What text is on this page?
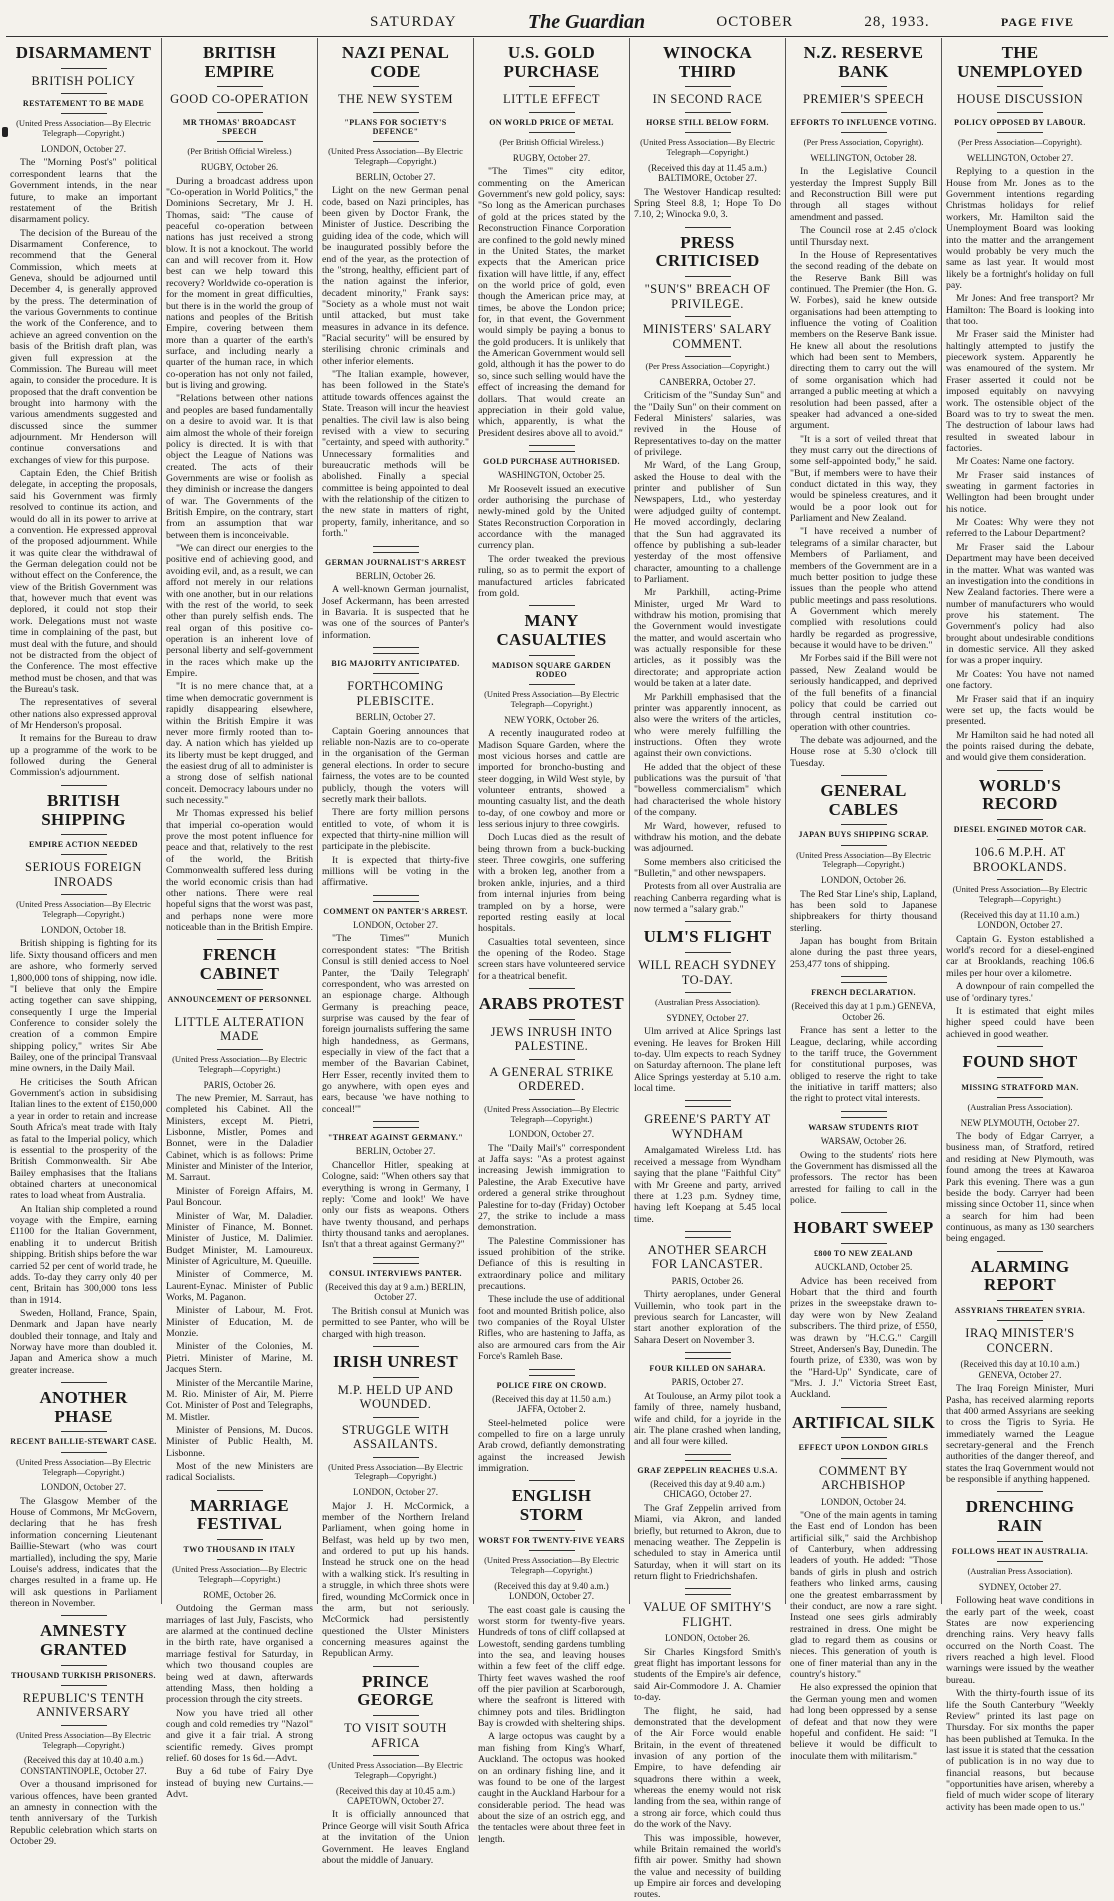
SATURDAY	The Guardian	OCTOBER	28, 1933.	PAGE FIVE
DISARMAMENT
BRITISH POLICY
RESTATEMENT TO BE MADE
(United Press Association—By Electric Telegraph—Copyright.)
LONDON, October 27.

The "Morning Post's" political correspondent learns that the Government intends, in the near future, to make an important restatement of the British disarmament policy.

The decision of the Bureau of the Disarmament Conference, to recommend that the General Commission, which meets at Geneva, should be adjourned until December 4, is generally approved by the press. The determination of the various Governments to continue the work of the Conference, and to achieve an agreed convention on the basis of the British draft plan, was given full expression at the Commission. The Bureau will meet again, to consider the procedure. It is proposed that the draft convention be brought into harmony with the various amendments suggested and discussed since the summer adjournment. Mr Henderson will continue conversations and exchanges of view for this purpose.

Captain Eden, the Chief British delegate, in accepting the proposals, said his Government was firmly resolved to continue its action, and would do all in its power to arrive at a convention. He expressed approval of the proposed adjournment. While it was quite clear the withdrawal of the German delegation could not be without effect on the Conference, the view of the British Government was that, however much that event was deplored, it could not stop their work. Delegations must not waste time in complaining of the past, but must deal with the future, and should not be distracted from the object of the Conference. The most effective method must be chosen, and that was the Bureau's task.

The representatives of several other nations also expressed approval of Mr Henderson's proposal.

It remains for the Bureau to draw up a programme of the work to be followed during the General Commission's adjournment.

BRITISH SHIPPING
EMPIRE ACTION NEEDED
SERIOUS FOREIGN INROADS
(United Press Association—By Electric Telegraph—Copyright.)
LONDON, October 18.

British shipping is fighting for its life. Sixty thousand officers and men are ashore, who formerly served 1,800,000 tons of shipping, now idle. "I believe that only the Empire acting together can save shipping, consequently I urge the Imperial Conference to consider solely the creation of a common Empire shipping policy," writes Sir Abe Bailey, one of the principal Transvaal mine owners, in the Daily Mail.

He criticises the South African Government's action in subsidising Italian lines to the extent of £150,000 a year in order to retain and increase South Africa's meat trade with Italy as fatal to the Imperial policy, which is essential to the prosperity of the British Commonwealth. Sir Abe Bailey emphasises that the Italians obtained charters at uneconomical rates to load wheat from Australia.

An Italian ship completed a round voyage with the Empire, earning £1100 for the Italian Government, enabling it to undercut British shipping. British ships before the war carried 52 per cent of world trade, he adds. To-day they carry only 40 per cent, Britain has 300,000 tons less than in 1914.

Sweden, Holland, France, Spain, Denmark and Japan have nearly doubled their tonnage, and Italy and Norway have more than doubled it. Japan and America show a much greater increase.

ANOTHER PHASE
RECENT BAILLIE-STEWART CASE.
(United Press Association—By Electric Telegraph—Copyright.)
LONDON, October 27.

The Glasgow Member of the House of Commons, Mr McGovern, declaring that he has fresh information concerning Lieutenant Baillie-Stewart (who was court martialled), including the spy, Marie Louise's address, indicates that the charges resulted in a frame up. He will ask questions in Parliament thereon in November.

AMNESTY GRANTED
THOUSAND TURKISH PRISONERS.
REPUBLIC'S TENTH ANNIVERSARY
(United Press Association—By Electric Telegraph—Copyright.)
(Received this day at 10.40 a.m.) CONSTANTINOPLE, October 27.

Over a thousand imprisoned for various offences, have been granted an amnesty in connection with the tenth anniversary of the Turkish Republic celebration which starts on October 29.

BRITISH EMPIRE
GOOD CO-OPERATION
MR THOMAS' BROADCAST SPEECH
(Per British Official Wireless.)
RUGBY, October 26.

During a broadcast address upon "Co-operation in World Politics," the Dominions Secretary, Mr J. H. Thomas, said: "The cause of peaceful co-operation between nations has just received a strong blow. It is not a knockout. The world can and will recover from it. How best can we help toward this recovery? Worldwide co-operation is for the moment in great difficulties, but there is in the world the group of nations and peoples of the British Empire, covering between them more than a quarter of the earth's surface, and including nearly a quarter of the human race, in which co-operation has not only not failed, but is living and growing.

"Relations between other nations and peoples are based fundamentally on a desire to avoid war. It is that aim almost the whole of their foreign policy is directed. It is with that object the League of Nations was created. The acts of their Governments are wise or foolish as they diminish or increase the dangers of war. The Governments of the British Empire, on the contrary, start from an assumption that war between them is inconceivable.

"We can direct our energies to the positive end of achieving good, and avoiding evil, and, as a result, we can afford not merely in our relations with one another, but in our relations with the rest of the world, to seek other than purely selfish ends. The real organ of this positive co-operation is an inherent love of personal liberty and self-government in the races which make up the Empire.

"It is no mere chance that, at a time when democratic government is rapidly disappearing elsewhere, within the British Empire it was never more firmly rooted than to-day. A nation which has yielded up its liberty must be kept drugged, and the easiest drug of all to administer is a strong dose of selfish national conceit. Democracy labours under no such necessity."

Mr Thomas expressed his belief that imperial co-operation would prove the most potent influence for peace and that, relatively to the rest of the world, the British Commonwealth suffered less during the world economic crisis than had other nations. There were real hopeful signs that the worst was past, and perhaps none were more noticeable than in the British Empire.

FRENCH CABINET
ANNOUNCEMENT OF PERSONNEL
LITTLE ALTERATION MADE
(United Press Association—By Electric Telegraph—Copyright.)
PARIS, October 26.

The new Premier, M. Sarraut, has completed his Cabinet. All the Ministers, except M. Pietri, Lisbonne, Mistler, Pomes and Bonnet, were in the Daladier Cabinet, which is as follows: Prime Minister and Minister of the Interior, M. Sarraut.

Minister of Foreign Affairs, M. Paul Boncour.

Minister of War, M. Daladier. Minister of Finance, M. Bonnet. Minister of Justice, M. Dalimier. Budget Minister, M. Lamoureux. Minister of Agriculture, M. Queuille.

Minister of Commerce, M. Laurent-Eynac. Minister of Public Works, M. Paganon.

Minister of Labour, M. Frot. Minister of Education, M. de Monzie.

Minister of the Colonies, M. Pietri. Minister of Marine, M. Jacques Stern.

Minister of the Mercantile Marine, M. Rio. Minister of Air, M. Pierre Cot. Minister of Post and Telegraphs, M. Mistler.

Minister of Pensions, M. Ducos. Minister of Public Health, M. Lisbonne.

Most of the new Ministers are radical Socialists.

MARRIAGE FESTIVAL
TWO THOUSAND IN ITALY
(United Press Association—By Electric Telegraph—Copyright.)
ROME, October 26.

Outdoing the German mass marriages of last July, Fascists, who are alarmed at the continued decline in the birth rate, have organised a marriage festival for Saturday, in which two thousand couples are being wed at dawn, afterwards attending Mass, then holding a procession through the city streets.

Now you have tried all other cough and cold remedies try "Nazol" and give it a fair trial. A strong scientific remedy. Gives prompt relief. 60 doses for 1s 6d.—Advt.

Buy a 6d tube of Fairy Dye instead of buying new Curtains.—Advt.

NAZI PENAL CODE
THE NEW SYSTEM
"PLANS FOR SOCIETY'S DEFENCE"
(United Press Association—By Electric Telegraph—Copyright.)
BERLIN, October 27.

Light on the new German penal code, based on Nazi principles, has been given by Doctor Frank, the Minister of Justice. Describing the guiding idea of the code, which will be inaugurated possibly before the end of the year, as the protection of the "strong, healthy, efficient part of the nation against the inferior, decadent minority," Frank says: "Society as a whole must not wait until attacked, but must take measures in advance in its defence. "Racial security" will be ensured by sterilising chronic criminals and other inferior elements.

"The Italian example, however, has been followed in the State's attitude towards offences against the State. Treason will incur the heaviest penalties. The civil law is also being revised with a view to securing "certainty, and speed with authority." Unnecessary formalities and bureaucratic methods will be abolished. Finally a special committee is being appointed to deal with the relationship of the citizen to the new state in matters of right, property, family, inheritance, and so forth."

GERMAN JOURNALIST'S ARREST
BERLIN, October 26.

A well-known German journalist, Josef Ackermann, has been arrested in Bavaria. It is suspected that he was one of the sources of Panter's information.

BIG MAJORITY ANTICIPATED.
FORTHCOMING PLEBISCITE.
BERLIN, October 27.

Captain Goering announces that reliable non-Nazis are to co-operate in the organisation of the German general elections. In order to secure fairness, the votes are to be counted publicly, though the voters will secretly mark their ballots.

There are forty million persons entitled to vote, of whom it is expected that thirty-nine million will participate in the plebiscite.

It is expected that thirty-five millions will be voting in the affirmative.

COMMENT ON PANTER'S ARREST.
LONDON, October 27.

"The Times'" Munich correspondent states: "The British Consul is still denied access to Noel Panter, the 'Daily Telegraph' correspondent, who was arrested on an espionage charge. Although Germany is preaching peace, surprise was caused by the fear of foreign journalists suffering the same high handedness, as Germans, especially in view of the fact that a member of the Bavarian Cabinet, Herr Esser, recently invited them to go anywhere, with open eyes and ears, because 'we have nothing to conceal!'"

"THREAT AGAINST GERMANY."
BERLIN, October 27.

Chancellor Hitler, speaking at Cologne, said: "When others say that everything is wrong in Germany, I reply: 'Come and look!' We have only our fists as weapons. Others have twenty thousand, and perhaps thirty thousand tanks and aeroplanes. Isn't that a threat against Germany?"

CONSUL INTERVIEWS PANTER.
(Received this day at 9 a.m.) BERLIN, October 27.

The British consul at Munich was permitted to see Panter, who will be charged with high treason.

IRISH UNREST
M.P. HELD UP AND WOUNDED.
STRUGGLE WITH ASSAILANTS.
(United Press Association—By Electric Telegraph—Copyright.)
LONDON, October 27.

Major J. H. McCormick, a member of the Northern Ireland Parliament, when going home in Belfast, was held up by two men, and ordered to put up his hands. Instead he struck one on the head with a walking stick. It's resulting in a struggle, in which three shots were fired, wounding McCormick once in the arm, but not seriously. McCormick had persistently questioned the Ulster Ministers concerning measures against the Republican Army.

PRINCE GEORGE
TO VISIT SOUTH AFRICA
(United Press Association—By Electric Telegraph—Copyright.)
(Received this day at 10.45 a.m.) CAPETOWN, October 27.

It is officially announced that Prince George will visit South Africa at the invitation of the Union Government. He leaves England about the middle of January.

U.S. GOLD PURCHASE
LITTLE EFFECT
ON WORLD PRICE OF METAL
(Per British Official Wireless.)
RUGBY, October 27.

"The Times'" city editor, commenting on the American Government's new gold policy, says: "So long as the American purchases of gold at the prices stated by the Reconstruction Finance Corporation are confined to the gold newly mined in the United States, the market expects that the American price fixation will have little, if any, effect on the world price of gold, even though the American price may, at times, be above the London price; for, in that event, the Government would simply be paying a bonus to the gold producers. It is unlikely that the American Government would sell gold, although it has the power to do so, since such selling would have the effect of increasing the demand for dollars. That would create an appreciation in their gold value, which, apparently, is what the President desires above all to avoid."

GOLD PURCHASE AUTHORISED.
WASHINGTON, October 25.

Mr Roosevelt issued an executive order authorising the purchase of newly-mined gold by the United States Reconstruction Corporation in accordance with the managed currency plan.

The order tweaked the previous ruling, so as to permit the export of manufactured articles fabricated from gold.

MANY CASUALTIES
MADISON SQUARE GARDEN RODEO
(United Press Association—By Electric Telegraph—Copyright.)
NEW YORK, October 26.

A recently inaugurated rodeo at Madison Square Garden, where the most vicious horses and cattle are imported for broncho-busting and steer dogging, in Wild West style, by volunteer entrants, showed a mounting casualty list, and the death to-day, of one cowboy and more or less serious injury to three cowgirls.

Doch Lucas died as the result of being thrown from a buck-bucking steer. Three cowgirls, one suffering with a broken leg, another from a broken ankle, injuries, and a third from internal injuries from being trampled on by a horse, were reported resting easily at local hospitals.

Casualties total seventeen, since the opening of the Rodeo. Stage screen stars have volunteered service for a theatrical benefit.

ARABS PROTEST
JEWS INRUSH INTO PALESTINE.
A GENERAL STRIKE ORDERED.
(United Press Association—By Electric Telegraph—Copyright.)
LONDON, October 27.

The "Daily Mail's" correspondent at Jaffa says: "As a protest against increasing Jewish immigration to Palestine, the Arab Executive have ordered a general strike throughout Palestine for to-day (Friday) October 27, the strike to include a mass demonstration.

The Palestine Commissioner has issued prohibition of the strike. Defiance of this is resulting in extraordinary police and military precautions.

These include the use of additional foot and mounted British police, also two companies of the Royal Ulster Rifles, who are hastening to Jaffa, as also are armoured cars from the Air Force's Ramleh Base.

POLICE FIRE ON CROWD.
(Received this day at 11.50 a.m.) JAFFA, October 2.

Steel-helmeted police were compelled to fire on a large unruly Arab crowd, defiantly demonstrating against the increased Jewish immigration.

ENGLISH STORM
WORST FOR TWENTY-FIVE YEARS
(United Press Association—By Electric Telegraph—Copyright.)
(Received this day at 9.40 a.m.) LONDON, October 27.

The east coast gale is causing the worst storm for twenty-five years. Hundreds of tons of cliff collapsed at Lowestoft, sending gardens tumbling into the sea, and leaving houses within a few feet of the cliff edge. Thirty feet waves washed the roof off the pier pavilion at Scarborough, where the seafront is littered with chimney pots and tiles. Bridlington Bay is crowded with sheltering ships.

A large octopus was caught by a man fishing from King's Wharf, Auckland. The octopus was hooked on an ordinary fishing line, and it was found to be one of the largest caught in the Auckland Harbour for a considerable period. The head was about the size of an ostrich egg, and the tentacles were about three feet in length.

WINOCKA THIRD
IN SECOND RACE
HORSE STILL BELOW FORM.
(United Press Association—By Electric Telegraph—Copyright.)
(Received this day at 11.45 a.m.) BALTIMORE, October 27.

The Westover Handicap resulted: Spring Steel 8.8, 1; Hope To Do 7.10, 2; Winocka 9.0, 3.

PRESS CRITICISED
"SUN'S" BREACH OF PRIVILEGE.
MINISTERS' SALARY COMMENT.
(Per Press Association—Copyright.)
CANBERRA, October 27.

Criticism of the "Sunday Sun" and the "Daily Sun" on their comment on Federal Ministers' salaries, was revived in the House of Representatives to-day on the matter of privilege.

Mr Ward, of the Lang Group, asked the House to deal with the printer and publisher of Sun Newspapers, Ltd., who yesterday were adjudged guilty of contempt. He moved accordingly, declaring that the Sun had aggravated its offence by publishing a sub-leader yesterday of the most offensive character, amounting to a challenge to Parliament.

Mr Parkhill, acting-Prime Minister, urged Mr Ward to withdraw his motion, promising that the Government would investigate the matter, and would ascertain who was actually responsible for these articles, as it possibly was the directorate; and appropriate action would be taken at a later date.

Mr Parkhill emphasised that the printer was apparently innocent, as also were the writers of the articles, who were merely fulfilling the instructions. Often they wrote against their own convictions.

He added that the object of these publications was the pursuit of 'that "bowelless commercialism" which had characterised the whole history of the company.

Mr Ward, however, refused to withdraw his motion, and the debate was adjourned.

Some members also criticised the "Bulletin," and other newspapers.

Protests from all over Australia are reaching Canberra regarding what is now termed a "salary grab."

ULM'S FLIGHT
WILL REACH SYDNEY TO-DAY.
(Australian Press Association).
SYDNEY, October 27.

Ulm arrived at Alice Springs last evening. He leaves for Broken Hill to-day. Ulm expects to reach Sydney on Saturday afternoon. The plane left Alice Springs yesterday at 5.10 a.m. local time.

GREENE'S PARTY AT WYNDHAM

Amalgamated Wireless Ltd. has received a message from Wyndham saying that the plane "Faithful City" with Mr Greene and party, arrived there at 1.23 p.m. Sydney time, having left Koepang at 5.45 local time.

ANOTHER SEARCH FOR LANCASTER.
PARIS, October 26.

Thirty aeroplanes, under General Vuillemin, who took part in the previous search for Lancaster, will start another exploration of the Sahara Desert on November 3.

FOUR KILLED ON SAHARA.
PARIS, October 27.

At Toulouse, an Army pilot took a family of three, namely husband, wife and child, for a joyride in the air. The plane crashed when landing, and all four were killed.

GRAF ZEPPELIN REACHES U.S.A.
(Received this day at 9.40 a.m.) CHICAGO, October 27.

The Graf Zeppelin arrived from Miami, via Akron, and landed briefly, but returned to Akron, due to menacing weather. The Zeppelin is scheduled to stay in America until Saturday, when it will start on its return flight to Friedrichshafen.

VALUE OF SMITHY'S FLIGHT.
LONDON, October 26.

Sir Charles Kingsford Smith's great flight has important lessons for students of the Empire's air defence, said Air-Commodore J. A. Chamier to-day.

The flight, he said, had demonstrated that the development of the Air Force would enable Britain, in the event of threatened invasion of any portion of the Empire, to have defending air squadrons there within a week, whereas the enemy would not risk landing from the sea, within range of a strong air force, which could thus do the work of the Navy.

This was impossible, however, while Britain remained the world's fifth air power. Smithy had shown the value and necessity of building up Empire air forces and developing routes.

N.Z. RESERVE BANK
PREMIER'S SPEECH
EFFORTS TO INFLUENCE VOTING.
(Per Press Association, Copyright).
WELLINGTON, October 28.

In the Legislative Council yesterday the Imprest Supply Bill and Reconstruction Bill were put through all stages without amendment and passed.

The Council rose at 2.45 o'clock until Thursday next.

In the House of Representatives the second reading of the debate on the Reserve Bank Bill was continued. The Premier (the Hon. G. W. Forbes), said he knew outside organisations had been attempting to influence the voting of Coalition members on the Reserve Bank issue. He knew all about the resolutions which had been sent to Members, directing them to carry out the will of some organisation which had arranged a public meeting at which a resolution had been passed, after a speaker had advanced a one-sided argument.

"It is a sort of veiled threat that they must carry out the directions of some self-appointed body," he said. "But, if members were to have their conduct dictated in this way, they would be spineless creatures, and it would be a poor look out for Parliament and New Zealand.

"I have received a number of telegrams of a similar character, but Members of Parliament, and members of the Government are in a much better position to judge these issues than the people who attend public meetings and pass resolutions. A Government which merely complied with resolutions could hardly be regarded as progressive, because it would have to be driven."

Mr Forbes said if the Bill were not passed, New Zealand would be seriously handicapped, and deprived of the full benefits of a financial policy that could be carried out through central institution co-operation with other countries.

The debate was adjourned, and the House rose at 5.30 o'clock till Tuesday.

GENERAL CABLES
JAPAN BUYS SHIPPING SCRAP.
(United Press Association—By Electric Telegraph—Copyright.)
LONDON, October 26.

The Red Star Line's ship, Lapland, has been sold to Japanese shipbreakers for thirty thousand sterling.

Japan has bought from Britain alone during the past three years, 253,477 tons of shipping.

FRENCH DECLARATION.
(Received this day at 1 p.m.) GENEVA, October 26.

France has sent a letter to the League, declaring, while according to the tariff truce, the Government for constitutional purposes, was obliged to reserve the right to take the initiative in tariff matters; also the right to protect vital interests.

WARSAW STUDENTS RIOT
WARSAW, October 26.

Owing to the students' riots here the Government has dismissed all the professors. The rector has been arrested for failing to call in the police.

HOBART SWEEP
£800 TO NEW ZEALAND
AUCKLAND, October 25.

Advice has been received from Hobart that the third and fourth prizes in the sweepstake drawn to-day were won by New Zealand subscribers. The third prize, of £550, was drawn by "H.C.G." Cargill Street, Andersen's Bay, Dunedin. The fourth prize, of £330, was won by the "Hard-Up" Syndicate, care of "Mrs. J. J." Victoria Street East, Auckland.

ARTIFICAL SILK
EFFECT UPON LONDON GIRLS
COMMENT BY ARCHBISHOP
LONDON, October 24.

"One of the main agents in taming the East end of London has been artificial silk," said the Archbishop of Canterbury, when addressing leaders of youth. He added: "Those bands of girls in plush and ostrich feathers who linked arms, causing one the greatest embarrassment by their conduct, are now a rare sight. Instead one sees girls admirably restrained in dress. One might be glad to regard them as cousins or nieces. This generation of youth is one of finer material than any in the country's history."

He also expressed the opinion that the German young men and women had long been oppressed by a sense of defeat and that now they were hopeful and confident. He said: "I believe it would be difficult to inoculate them with militarism."

THE UNEMPLOYED
HOUSE DISCUSSION
POLICY OPPOSED BY LABOUR.
(Per Press Association—Copyright).
WELLINGTON, October 27.

Replying to a question in the House from Mr. Jones as to the Government intentions regarding Christmas holidays for relief workers, Mr. Hamilton said the Unemployment Board was looking into the matter and the arrangement would probably be very much the same as last year. It would most likely be a fortnight's holiday on full pay.

Mr Jones: And free transport? Mr Hamilton: The Board is looking into that too.

Mr Fraser said the Minister had haltingly attempted to justify the piecework system. Apparently he was enamoured of the system. Mr Fraser asserted it could not be imposed equitably on navvying work. The ostensible object of the Board was to try to sweat the men. The destruction of labour laws had resulted in sweated labour in factories.

Mr Coates: Name one factory.

Mr Fraser said instances of sweating in garment factories in Wellington had been brought under his notice.

Mr Coates: Why were they not referred to the Labour Department?

Mr Fraser said the Labour Department may have been deceived in the matter. What was wanted was an investigation into the conditions in New Zealand factories. There were a number of manufacturers who would prove his statement. The Government's policy had also brought about undesirable conditions in domestic service. All they asked for was a proper inquiry.

Mr Coates: You have not named one factory.

Mr Fraser said that if an inquiry were set up, the facts would be presented.

Mr Hamilton said he had noted all the points raised during the debate, and would give them consideration.

WORLD'S RECORD
DIESEL ENGINED MOTOR CAR.
106.6 M.P.H. AT BROOKLANDS.
(United Press Association—By Electric Telegraph—Copyright.)
(Received this day at 11.10 a.m.) LONDON, October 27.

Captain G. Eyston established a world's record for a diesel-engined car at Brooklands, reaching 106.6 miles per hour over a kilometre.

A downpour of rain compelled the use of 'ordinary tyres.'

It is estimated that eight miles higher speed could have been achieved in good weather.

FOUND SHOT
MISSING STRATFORD MAN.
(Australian Press Association).
NEW PLYMOUTH, October 27.

The body of Edgar Carryer, a business man, of Stratford, retired and residing at New Plymouth, was found among the trees at Kawaroa Park this evening. There was a gun beside the body. Carryer had been missing since October 11, since when a search for him had been continuous, as many as 130 searchers being engaged.

ALARMING REPORT
ASSYRIANS THREATEN SYRIA.
IRAQ MINISTER'S CONCERN.
(Received this day at 10.10 a.m.) GENEVA, October 27.

The Iraq Foreign Minister, Muri Pasha, has received alarming reports that 400 armed Assyrians are seeking to cross the Tigris to Syria. He immediately warned the League secretary-general and the French authorities of the danger thereof, and states the Iraq Government would not be responsible if anything happened.

DRENCHING RAIN
FOLLOWS HEAT IN AUSTRALIA.
(Australian Press Association).
SYDNEY, October 27.

Following heat wave conditions in the early part of the week, coast States are now experiencing drenching rains. Very heavy falls occurred on the North Coast. The rivers reached a high level. Flood warnings were issued by the weather bureau.

With the thirty-fourth issue of its life the South Canterbury "Weekly Review" printed its last page on Thursday. For six months the paper has been published at Temuka. In the last issue it is stated that the cessation of publication is in no way due to financial reasons, but because "opportunities have arisen, whereby a field of much wider scope of literary activity has been made open to us."
